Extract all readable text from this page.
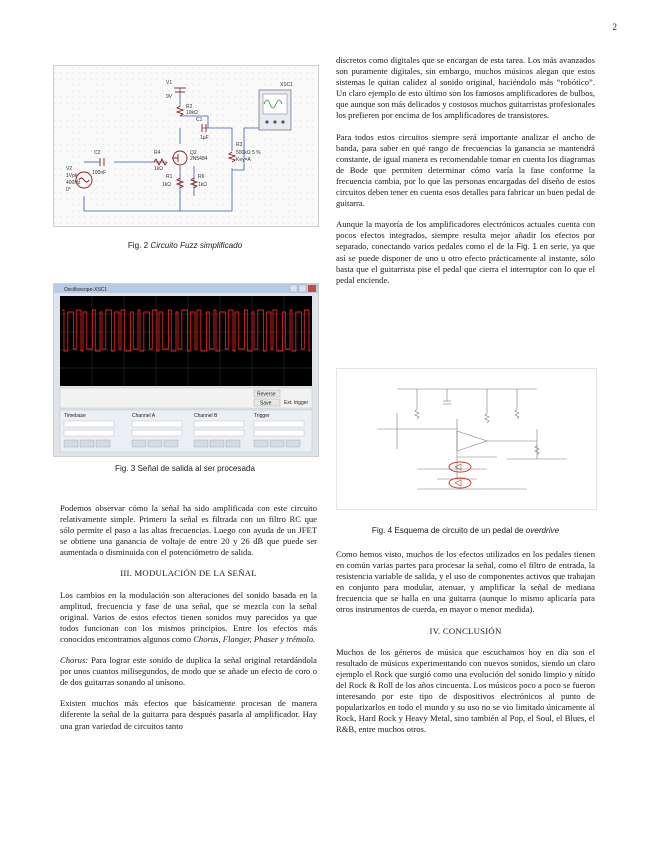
2
V1
9V
R2
10kΩ
C1
1µF
R3
500kΩ 5 %
Key=A
Q2
2N5484
C2
100nF
R4
1kΩ
V2
1Vpk
400Hz
0°
R6
1kΩ
R1
1kΩ
XSC1
Fig. 2 Circuito Fuzz simplificado
Oscilloscope-XSC1
Reverse
Save	Ext. trigger
Timebase	Channel A	Channel B	Trigger
Fig. 3 Señal de salida al ser procesada

Podemos observar cómo la señal ha sido amplificada con este circuito relativamente simple. Primero la señal es filtrada con un filtro RC que sólo permite el paso a las altas frecuencias. Luego con ayuda de un JFET se obtiene una ganancia de voltaje de entre 20 y 26 dB que puede ser aumentada o disminuida con el potenciómetro de salida.

III. MODULACIÓN DE LA SEÑAL

Los cambios en la modulación son alteraciones del sonido basada en la amplitud, frecuencia y fase de una señal, que se mezcla con la señal original. Varios de estos efectos tienen sonidos muy parecidos ya que todos funcionan con los mismos principios. Entre los efectos más conocidos encontramos algunos como Chorus, Flanger, Phaser y trémolo.

Chorus: Para lograr este sonido de duplica la señal original retardándola por unos cuantos milisegundos, de modo que se añade un efecto de coro o de dos guitarras sonando al unísono.

Existen muchos más efectos que básicamente procesan de manera diferente la señal de la guitarra para después pasarla al amplificador. Hay una gran variedad de circuitos tanto

discretos como digitales que se encargan de esta tarea. Los más avanzados son puramente digitales, sin embargo, muchos músicos alegan que estos sistemas le quitan calidez al sonido original, haciéndolo más “robótico”. Un claro ejemplo de esto último son los famosos amplificadores de bulbos, que aunque son más delicados y costosos muchos guitarristas profesionales los prefieren por encima de los amplificadores de transistores.

Para todos estos circuitos siempre será importante analizar el ancho de banda, para saber en qué rango de frecuencias la ganancia se mantendrá constante, de igual manera es recomendable tomar en cuenta los diagramas de Bode que permiten determinar cómo varía la fase conforme la frecuencia cambia, por lo que las personas encargadas del diseño de estos circuitos deben tener en cuenta esos detalles para fabricar un buen pedal de guitarra.

Aunque la mayoría de los amplificadores electrónicos actuales cuenta con pocos efectos integrados, siempre resulta mejor añadir los efectos por separado, conectando varios pedales como el de la Fig. 1 en serie, ya que así se puede disponer de uno u otro efecto prácticamente al instante, sólo basta que el guitarrista pise el pedal que cierra el interruptor con lo que el pedal enciende.

Fig. 4 Esquema de circuito de un pedal de overdrive

Como hemos visto, muchos de los efectos utilizados en los pedales tienen en común varias partes para procesar la señal, como el filtro de entrada, la resistencia variable de salida, y el uso de componentes activos que trabajan en conjunto para modular, atenuar, y amplificar la señal de mediana frecuencia que se halla en una guitarra (aunque lo mismo aplicaría para otros instrumentos de cuerda, en mayor o menor medida).

IV. CONCLUSIÓN

Muchos de los géneros de música que escuchamos hoy en día son el resultado de músicos experimentando con nuevos sonidos, siendo un claro ejemplo el Rock que surgió como una evolución del sonido limpio y nítido del Rock & Roll de los años cincuenta. Los músicos poco a poco se fueron interesando por este tipo de dispositivos electrónicos al punto de popularizarlos en todo el mundo y su uso no se vio limitado únicamente al Rock, Hard Rock y Heavy Metal, sino también al Pop, el Soul, el Blues, el R&B, entre muchos otros.
